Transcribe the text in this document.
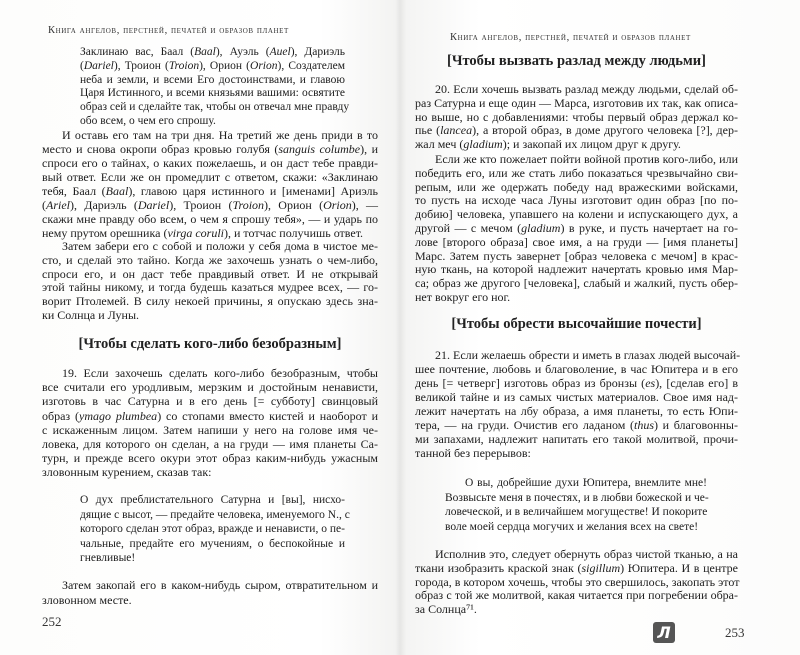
Книга ангелов, перстней, печатей и образов планет
Заклинаю вас, Баал (Baal), Ауэль (Auel), Дариэль
(Dariel), Троион (Troion), Орион (Orion), Создателем
неба и земли, и всеми Его достоинствами, и главою
Царя Истинного, и всеми князьями вашими: освятите
образ сей и сделайте так, чтобы он отвечал мне правду
обо всем, о чем его спрошу.
И оставь его там на три дня. На третий же день приди в то
место и снова окропи образ кровью голубя (sanguis columbe), и
спроси его о тайнах, о каких пожелаешь, и он даст тебе правди-
вый ответ. Если же он промедлит с ответом, скажи: «Заклинаю
тебя, Баал (Baal), главою царя истинного и [именами] Ариэль
(Ariel), Дариэль (Dariel), Троион (Troion), Орион (Orion), —
скажи мне правду обо всем, о чем я спрошу тебя», — и ударь по
нему прутом орешника (virga coruli), и тотчас получишь ответ.
Затем забери его с собой и положи у себя дома в чистое ме-
сто, и сделай это тайно. Когда же захочешь узнать о чем-либо,
спроси его, и он даст тебе правдивый ответ. И не открывай
этой тайны никому, и тогда будешь казаться мудрее всех, — го-
ворит Птолемей. В силу некоей причины, я опускаю здесь зна-
ки Солнца и Луны.
[Чтобы сделать кого-либо безобразным]
19. Если захочешь сделать кого-либо безобразным, чтобы
все считали его уродливым, мерзким и достойным ненависти,
изготовь в час Сатурна и в его день [= субботу] свинцовый
образ (ymago plumbea) со стопами вместо кистей и наоборот и
с искаженным лицом. Затем напиши у него на голове имя че-
ловека, для которого он сделан, а на груди — имя планеты Са-
турн, и прежде всего окури этот образ каким-нибудь ужасным
зловонным курением, сказав так:
О дух преблистательного Сатурна и [вы], нисхо-
дящие с высот, — предайте человека, именуемого N., с
которого сделан этот образ, вражде и ненависти, о пе-
чальные, предайте его мучениям, о беспокойные и
гневливые!
Затем закопай его в каком-нибудь сыром, отвратительном и
зловонном месте.
252
Книга ангелов, перстней, печатей и образов планет
[Чтобы вызвать разлад между людьми]
20. Если хочешь вызвать разлад между людьми, сделай об-
раз Сатурна и еще один — Марса, изготовив их так, как описа-
но выше, но с добавлениями: чтобы первый образ держал ко-
пье (lancea), а второй образ, в доме другого человека [?], дер-
жал меч (gladium); и закопай их лицом друг к другу.
Если же кто пожелает пойти войной против кого-либо, или
победить его, или же стать либо показаться чрезвычайно сви-
репым, или же одержать победу над вражескими войсками,
то пусть на исходе часа Луны изготовит один образ [по по-
добию] человека, упавшего на колени и испускающего дух, а
другой — с мечом (gladium) в руке, и пусть начертает на го-
лове [второго образа] свое имя, а на груди — [имя планеты]
Марс. Затем пусть завернет [образ человека с мечом] в крас-
ную ткань, на которой надлежит начертать кровью имя Мар-
са; образ же другого [человека], слабый и жалкий, пусть обер-
нет вокруг его ног.
[Чтобы обрести высочайшие почести]
21. Если желаешь обрести и иметь в глазах людей высочай-
шее почтение, любовь и благоволение, в час Юпитера и в его
день [= четверг] изготовь образ из бронзы (es), [сделав его] в
великой тайне и из самых чистых материалов. Свое имя над-
лежит начертать на лбу образа, а имя планеты, то есть Юпи-
тера, — на груди. Очистив его ладаном (thus) и благовонны-
ми запахами, надлежит напитать его такой молитвой, прочи-
танной без перерывов:
О вы, добрейшие духи Юпитера, внемлите мне!
Возвысьте меня в почестях, и в любви божеской и че-
ловеческой, и в величайшем могуществе! И покорите
воле моей сердца могучих и желания всех на свете!
Исполнив это, следует обернуть образ чистой тканью, а на
ткани изобразить краской знак (sigillum) Юпитера. И в центре
города, в котором хочешь, чтобы это свершилось, закопать этот
образ с той же молитвой, какая читается при погребении обра-
за Солнца⁷¹.
Л	253
